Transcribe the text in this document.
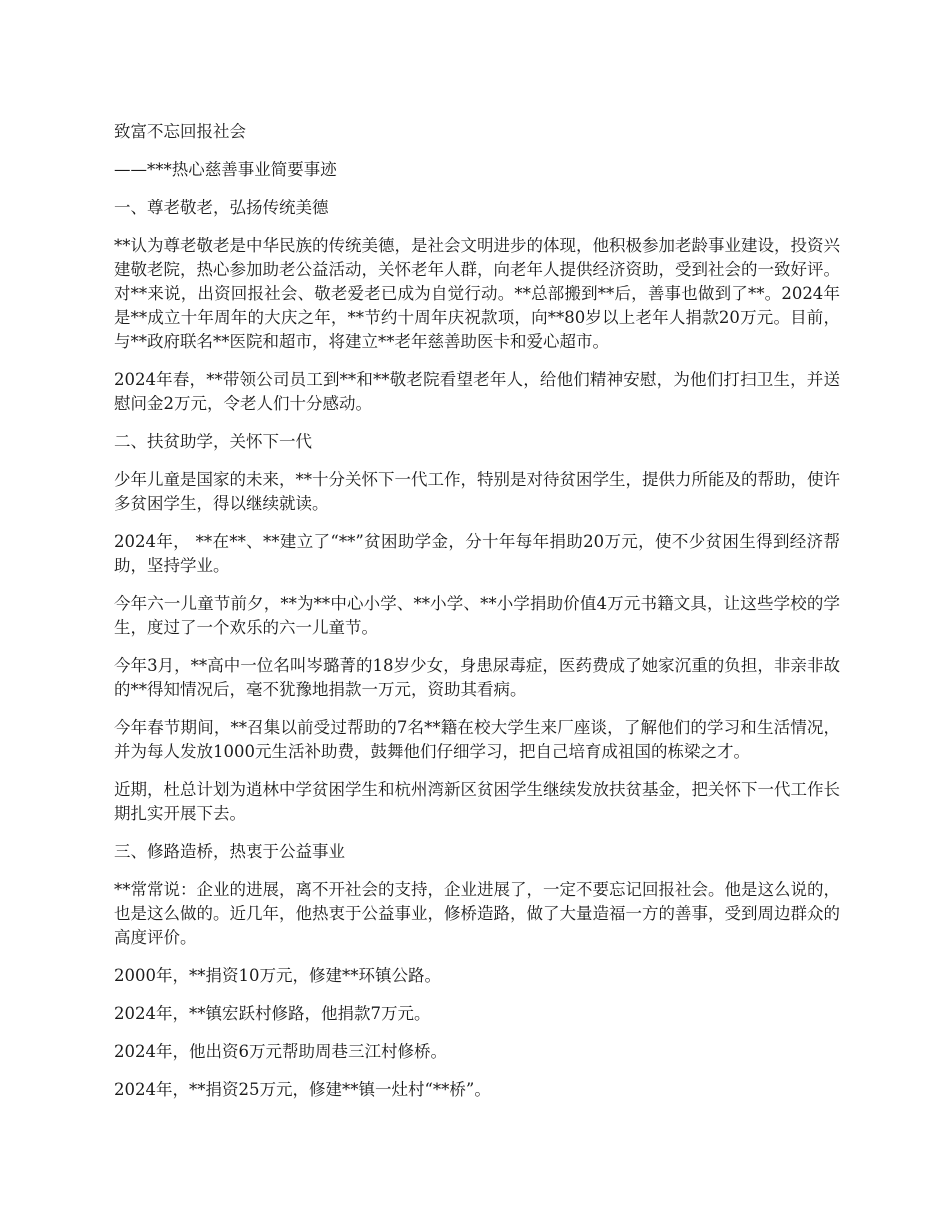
致富不忘回报社会

——***热心慈善事业简要事迹

一、尊老敬老，弘扬传统美德

**认为尊老敬老是中华民族的传统美德，是社会文明进步的体现，他积极参加老龄事业建设，投资兴建敬老院，热心参加助老公益活动，关怀老年人群，向老年人提供经济资助，受到社会的一致好评。 对**来说，出资回报社会、敬老爱老已成为自觉行动。**总部搬到**后，善事也做到了**。2024年是**成立十年周年的大庆之年，**节约十周年庆祝款项，向**80岁以上老年人捐款20万元。目前，与**政府联名**医院和超市，将建立**老年慈善助医卡和爱心超市。

2024年春，**带领公司员工到**和**敬老院看望老年人，给他们精神安慰，为他们打扫卫生，并送慰问金2万元，令老人们十分感动。

二、扶贫助学，关怀下一代

少年儿童是国家的未来，**十分关怀下一代工作，特别是对待贫困学生，提供力所能及的帮助，使许多贫困学生，得以继续就读。

2024年， **在**、**建立了“**”贫困助学金，分十年每年捐助20万元，使不少贫困生得到经济帮助，坚持学业。

今年六一儿童节前夕，**为**中心小学、**小学、**小学捐助价值4万元书籍文具，让这些学校的学生，度过了一个欢乐的六一儿童节。

今年3月，**高中一位名叫岑璐菁的18岁少女，身患尿毒症，医药费成了她家沉重的负担，非亲非故的**得知情况后，毫不犹豫地捐款一万元，资助其看病。

今年春节期间，**召集以前受过帮助的7名**籍在校大学生来厂座谈，了解他们的学习和生活情况，并为每人发放1000元生活补助费，鼓舞他们仔细学习，把自己培育成祖国的栋梁之才。

近期，杜总计划为逍林中学贫困学生和杭州湾新区贫困学生继续发放扶贫基金，把关怀下一代工作长期扎实开展下去。

三、修路造桥，热衷于公益事业

**常常说：企业的进展，离不开社会的支持，企业进展了，一定不要忘记回报社会。他是这么说的，也是这么做的。近几年，他热衷于公益事业，修桥造路，做了大量造福一方的善事，受到周边群众的高度评价。

2000年，**捐资10万元，修建**环镇公路。

2024年，**镇宏跃村修路，他捐款7万元。

2024年，他出资6万元帮助周巷三江村修桥。

2024年，**捐资25万元，修建**镇一灶村“**桥”。
